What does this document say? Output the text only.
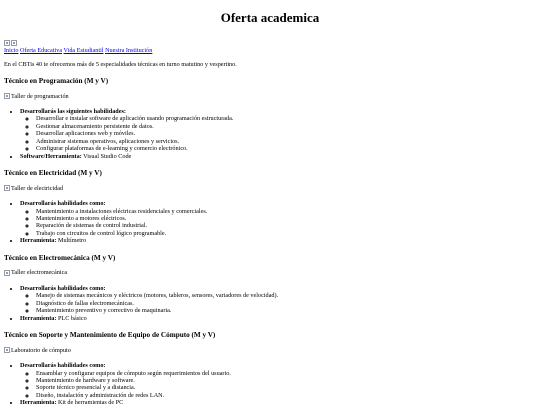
Oferta academica

Inicio Oferta Educativa Vida Estudiantil Nuestra Institución

En el CBTis 40 te ofrecemos más de 5 especialidades técnicas en turno matutino y vespertino.

Técnico en Programación (M y V)
Taller de programación
• Desarrollarás las siguientes habilidades:
◦ Desarrollar e instalar software de aplicación usando programación estructurada.
◦ Gestionar almacenamiento persistente de datos.
◦ Desarrollar aplicaciones web y móviles.
◦ Administrar sistemas operativos, aplicaciones y servicios.
◦ Configurar plataformas de e-learning y comercio electrónico.
• Software/Herramienta: Visual Studio Code
Técnico en Electricidad (M y V)
Taller de electricidad
• Desarrollarás habilidades como:
◦ Mantenimiento a instalaciones eléctricas residenciales y comerciales.
◦ Mantenimiento a motores eléctricos.
◦ Reparación de sistemas de control industrial.
◦ Trabajo con circuitos de control lógico programable.
• Herramienta: Multímetro
Técnico en Electromecánica (M y V)
Taller electromecánica
• Desarrollarás habilidades como:
◦ Manejo de sistemas mecánicos y eléctricos (motores, tableros, sensores, variadores de velocidad).
◦ Diagnóstico de fallas electromecánicas.
◦ Mantenimiento preventivo y correctivo de maquinaria.
• Herramienta: PLC básico
Técnico en Soporte y Mantenimiento de Equipo de Cómputo (M y V)
Laboratorio de cómputo
• Desarrollarás habilidades como:
◦ Ensamblar y configurar equipos de cómputo según requerimientos del usuario.
◦ Mantenimiento de hardware y software.
◦ Soporte técnico presencial y a distancia.
◦ Diseño, instalación y administración de redes LAN.
• Herramienta: Kit de herramientas de PC
